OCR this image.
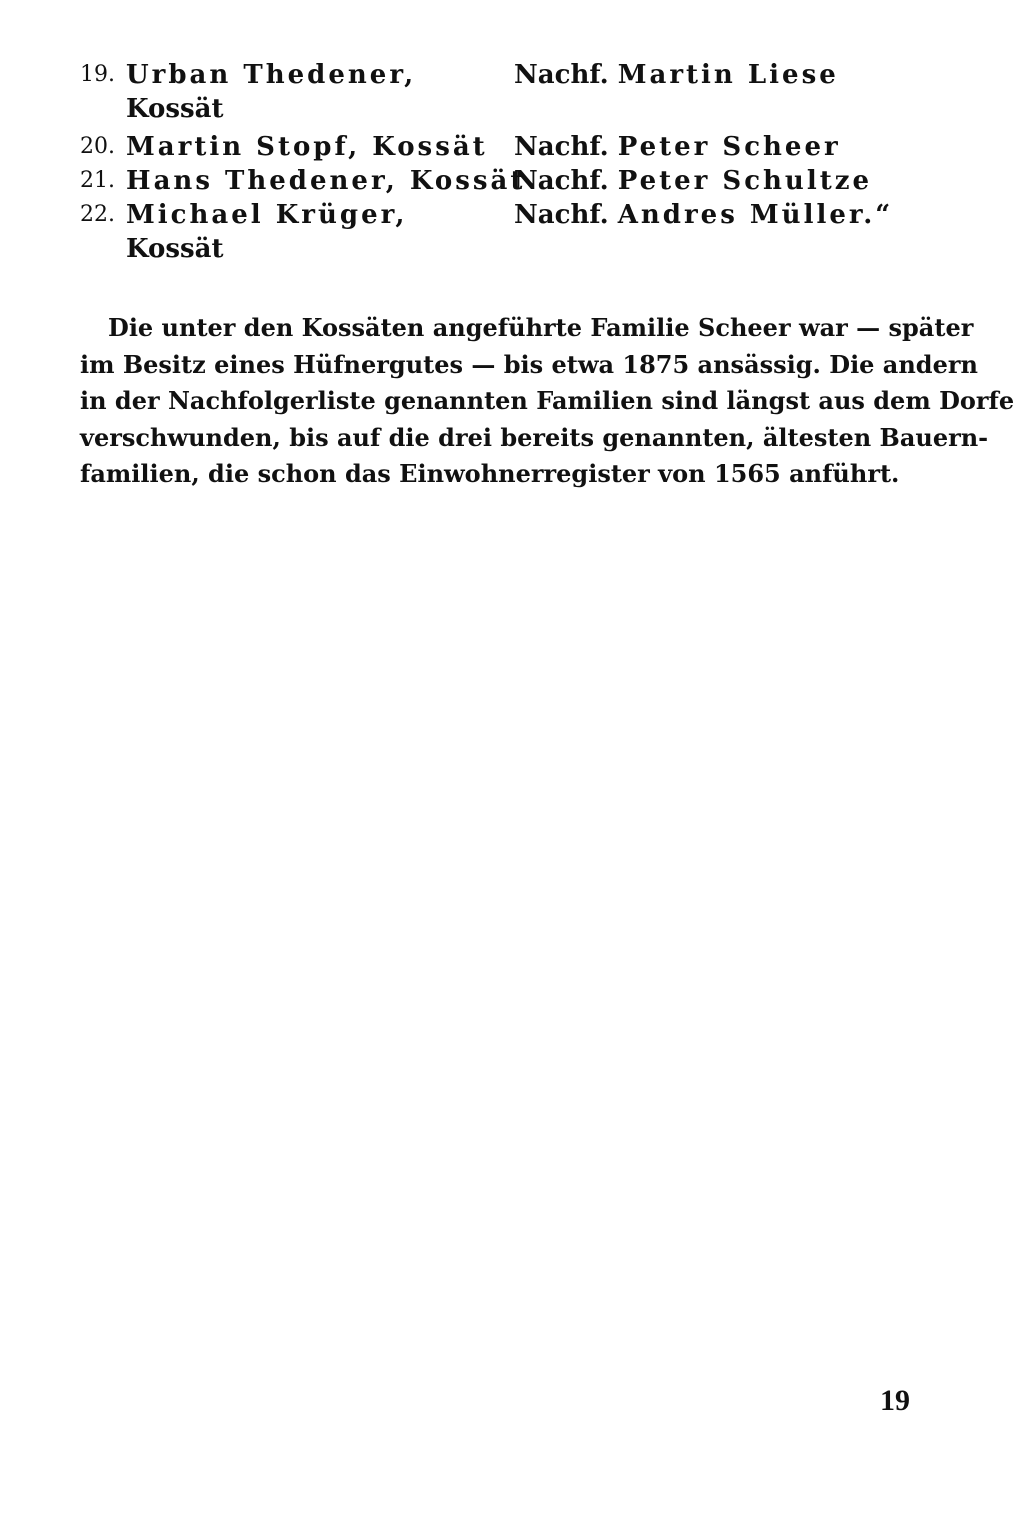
19. Urban Thedener,
Kossät
Nachf. Martin Liese
20. Martin Stopf, Kossät Nachf. Peter Scheer
21. Hans Thedener, Kossät
Nachf. Peter Schultze
22. Michael Krüger,
Kossät
Nachf. Andres Müller.“
Die unter den Kossäten angeführte Familie Scheer war — später
im Besitz eines Hüfnergutes — bis etwa 1875 ansässig. Die andern
in der Nachfolgerliste genannten Familien sind längst aus dem Dorfe
verschwunden, bis auf die drei bereits genannten, ältesten Bauern-
familien, die schon das Einwohnerregister von 1565 anführt.
19
